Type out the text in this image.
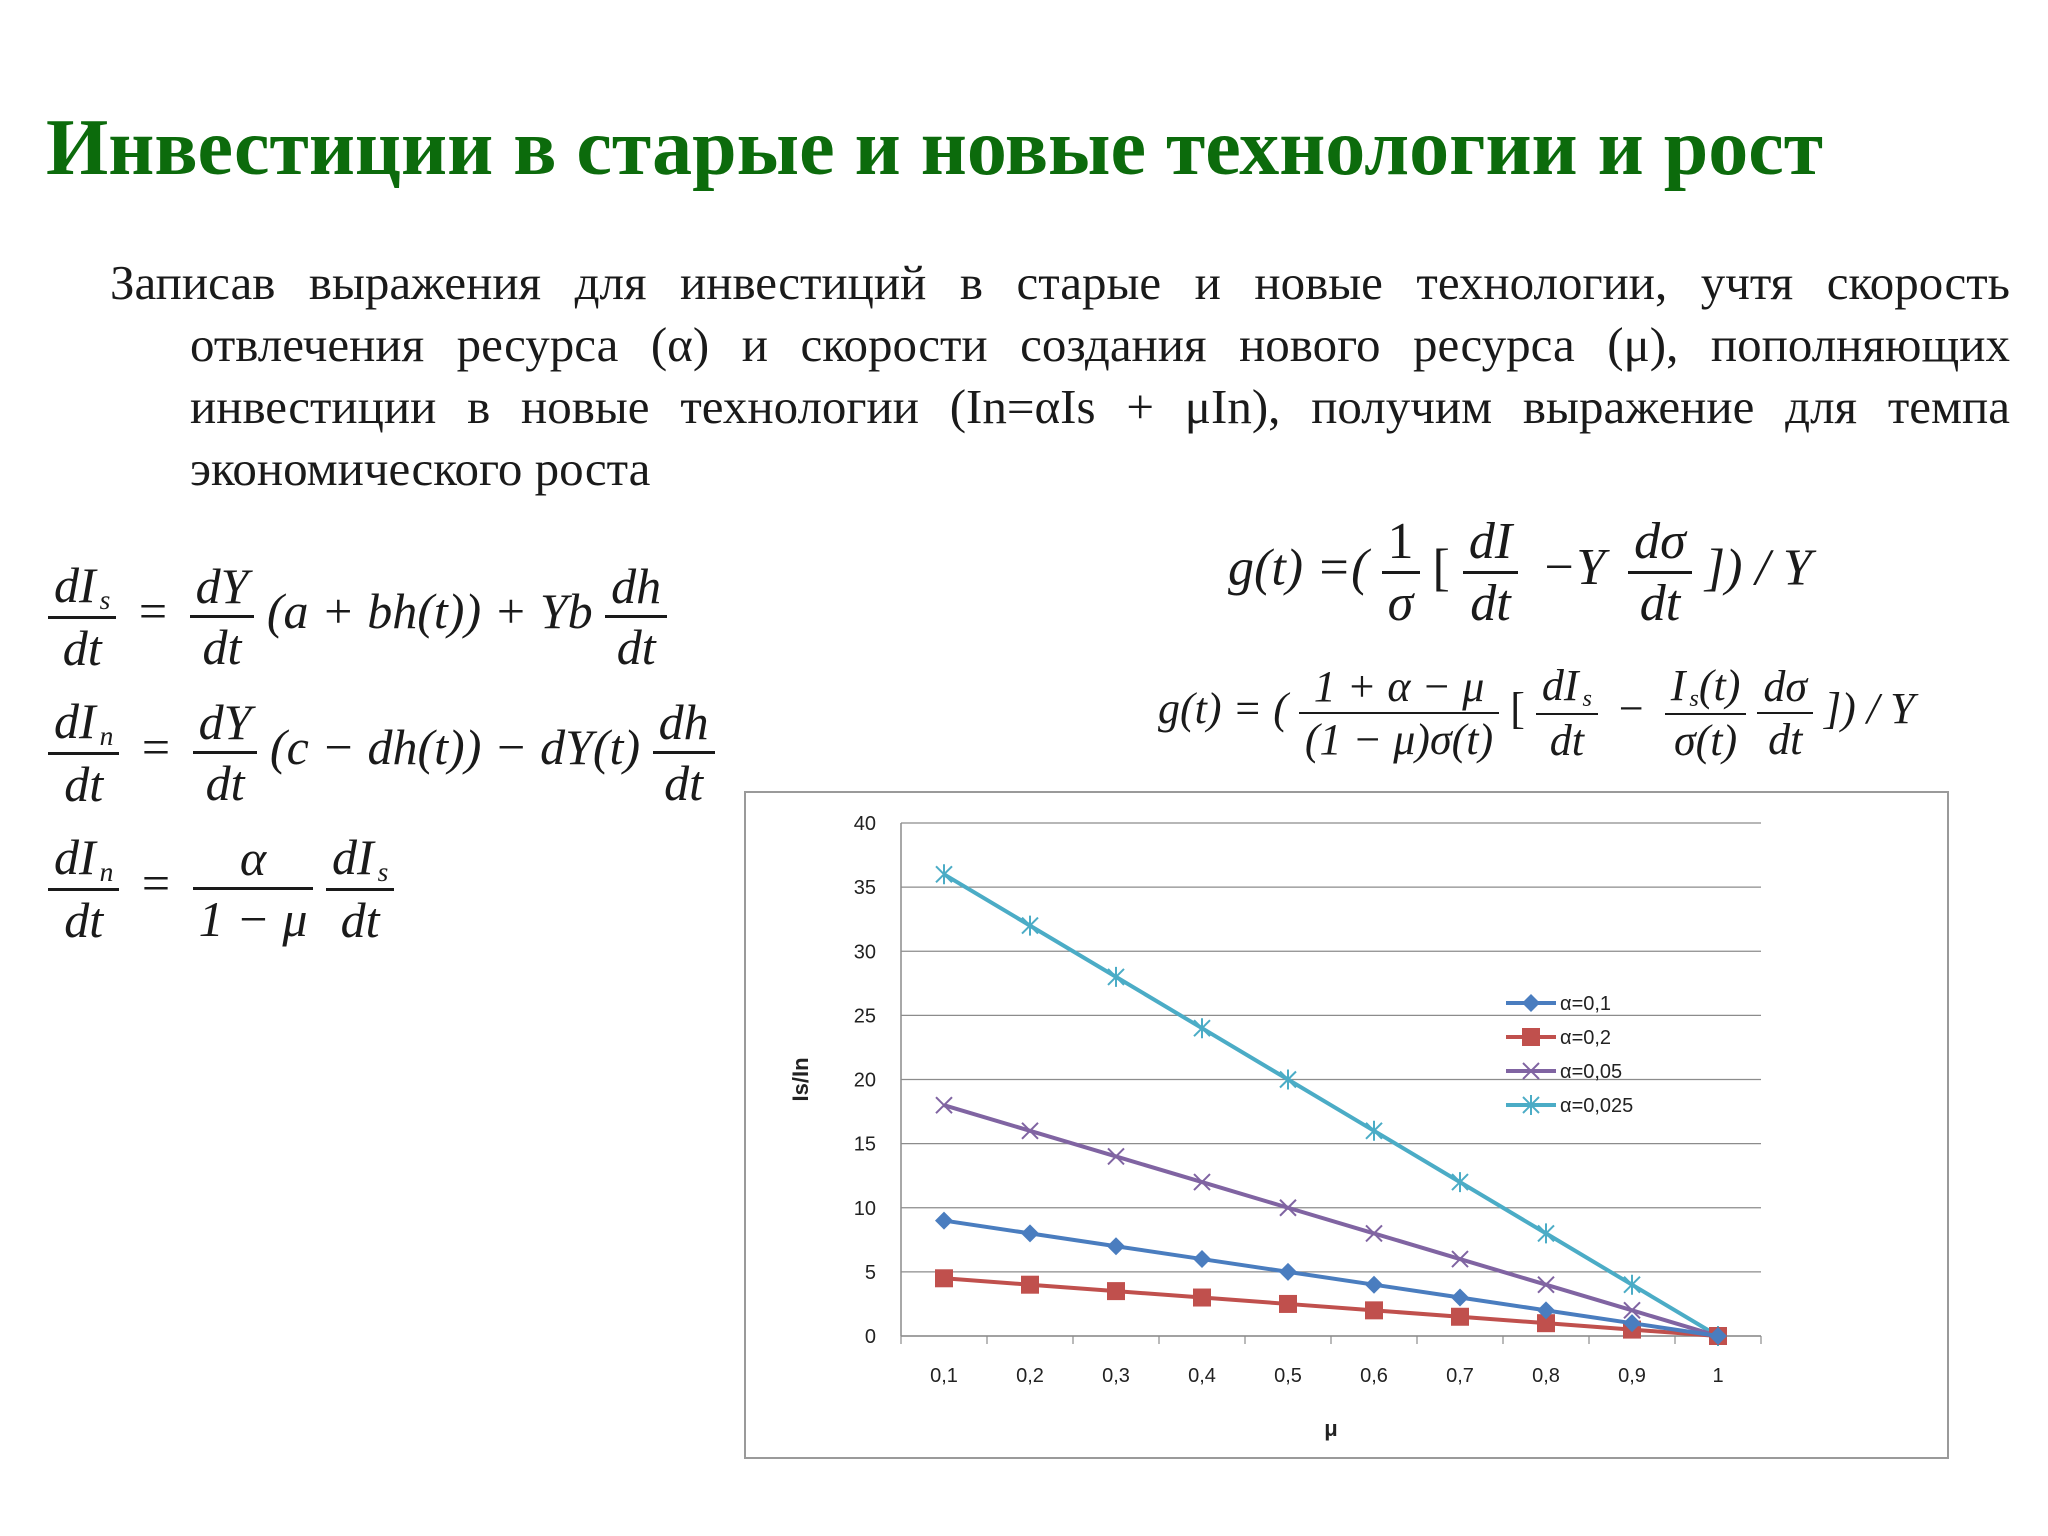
Инвестиции в старые и новые технологии и рост
Записав выражения для инвестиций в старые и новые технологии, учтя скорость отвлечения ресурса (α) и скорости создания нового ресурса (μ), пополняющих инвестиции в новые технологии (In=αIs + μIn), получим выражение для темпа экономического роста
$\frac{dI _s}{dt} = \frac{dY}{dt} (a + bh(t)) + Yb \frac{dh}{dt}$
$\frac{dI _n}{dt} = \frac{dY}{dt} (c - dh(t)) - dY(t) \frac{dh}{dt}$
$\frac{dI _n}{dt} = \frac{\alpha}{1 - \mu}$
$\frac{dI _s}{dt}$
g(t) =( $\frac{1}{\sigma}$ [ $\frac{dI}{dt} -Y \frac{d\sigma}{dt}$ ]) / Y
g(t) = ( $\frac{1 + \alpha - \mu}{(1 - \mu)\sigma(t)}$ [ $\frac{dI _s}{dt} - \frac{I _s(t)}{\sigma(t)}$
$\frac{d\sigma}{dt}$ ]) / Y
0
5
10
15
20
25
30
35
40
0,1	0,2	0,3	0,4	0,5	0,6	0,7	0,8	0,9	1
μ
Is/In
α=0,1
α=0,2
α=0,05
α=0,025
